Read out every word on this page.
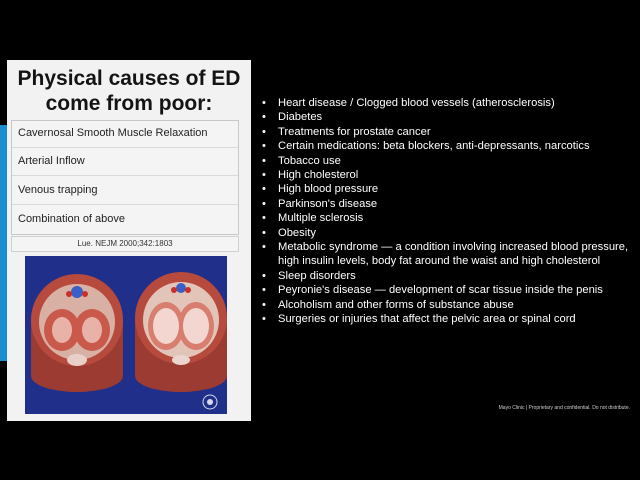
Physical causes of ED come from poor:
Cavernosal Smooth Muscle Relaxation
Arterial Inflow
Venous trapping
Combination of above
Lue. NEJM 2000;342:1803
• Heart disease / Clogged blood vessels (atherosclerosis)
• Diabetes
• Treatments for prostate cancer
• Certain medications: beta blockers, anti-depressants, narcotics
• Tobacco use
• High cholesterol
• High blood pressure
• Parkinson's disease
• Multiple sclerosis
• Obesity
• Metabolic syndrome — a condition involving increased blood pressure, high insulin levels, body fat around the waist and high cholesterol
• Sleep disorders
• Peyronie's disease — development of scar tissue inside the penis
• Alcoholism and other forms of substance abuse
• Surgeries or injuries that affect the pelvic area or spinal cord
Mayo Clinic | Proprietary and confidential. Do not distribute.
